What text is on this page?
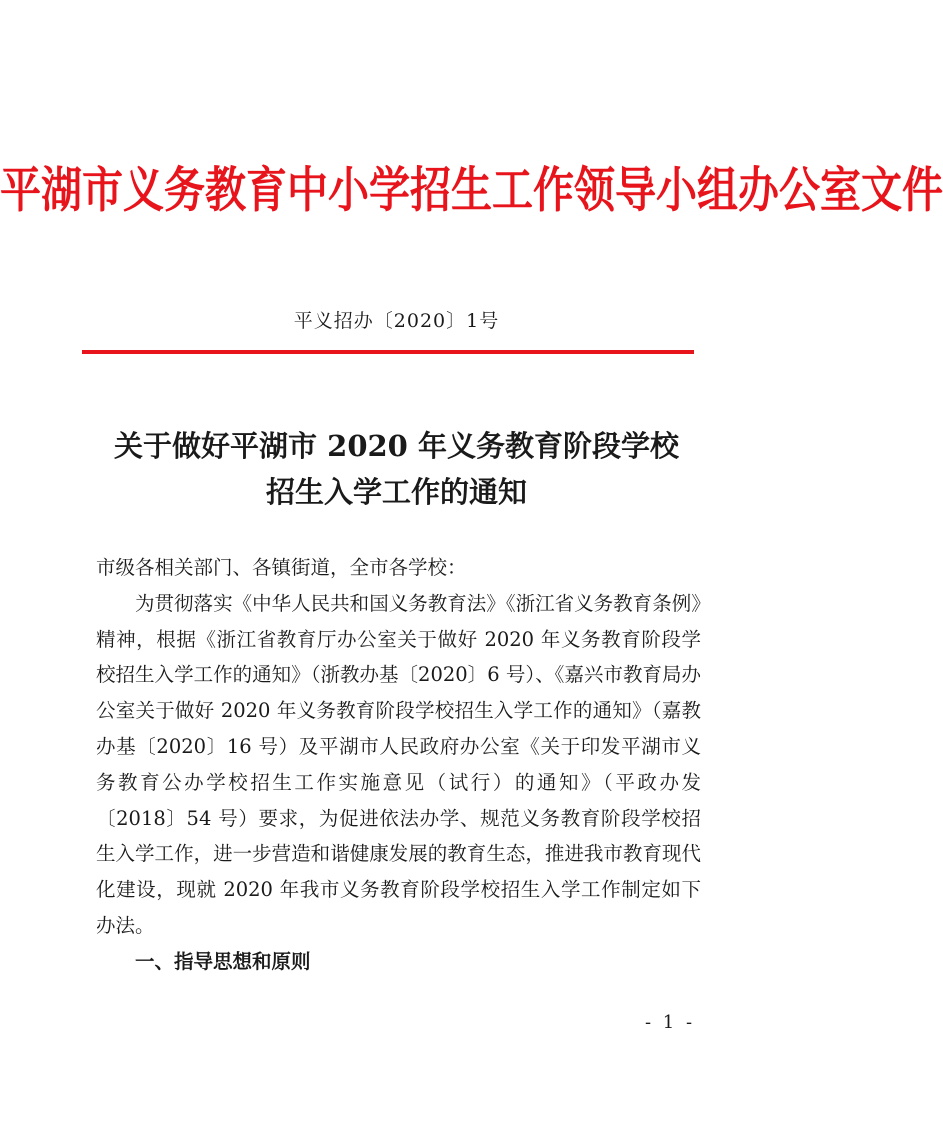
平湖市义务教育中小学招生工作领导小组办公室文件
平义招办〔2020〕1号
关于做好平湖市 2020 年义务教育阶段学校
招生入学工作的通知

市级各相关部门、各镇街道，全市各学校：

为贯彻落实《中华人民共和国义务教育法》《浙江省义务教育条例》精神，根据《浙江省教育厅办公室关于做好 2020 年义务教育阶段学校招生入学工作的通知》（浙教办基〔2020〕6 号）、《嘉兴市教育局办公室关于做好 2020 年义务教育阶段学校招生入学工作的通知》（嘉教办基〔2020〕16 号）及平湖市人民政府办公室《关于印发平湖市义务教育公办学校招生工作实施意见（试行）的通知》（平政办发〔2018〕54 号）要求，为促进依法办学、规范义务教育阶段学校招生入学工作，进一步营造和谐健康发展的教育生态，推进我市教育现代化建设，现就 2020 年我市义务教育阶段学校招生入学工作制定如下办法。

一、指导思想和原则

- 1 -
